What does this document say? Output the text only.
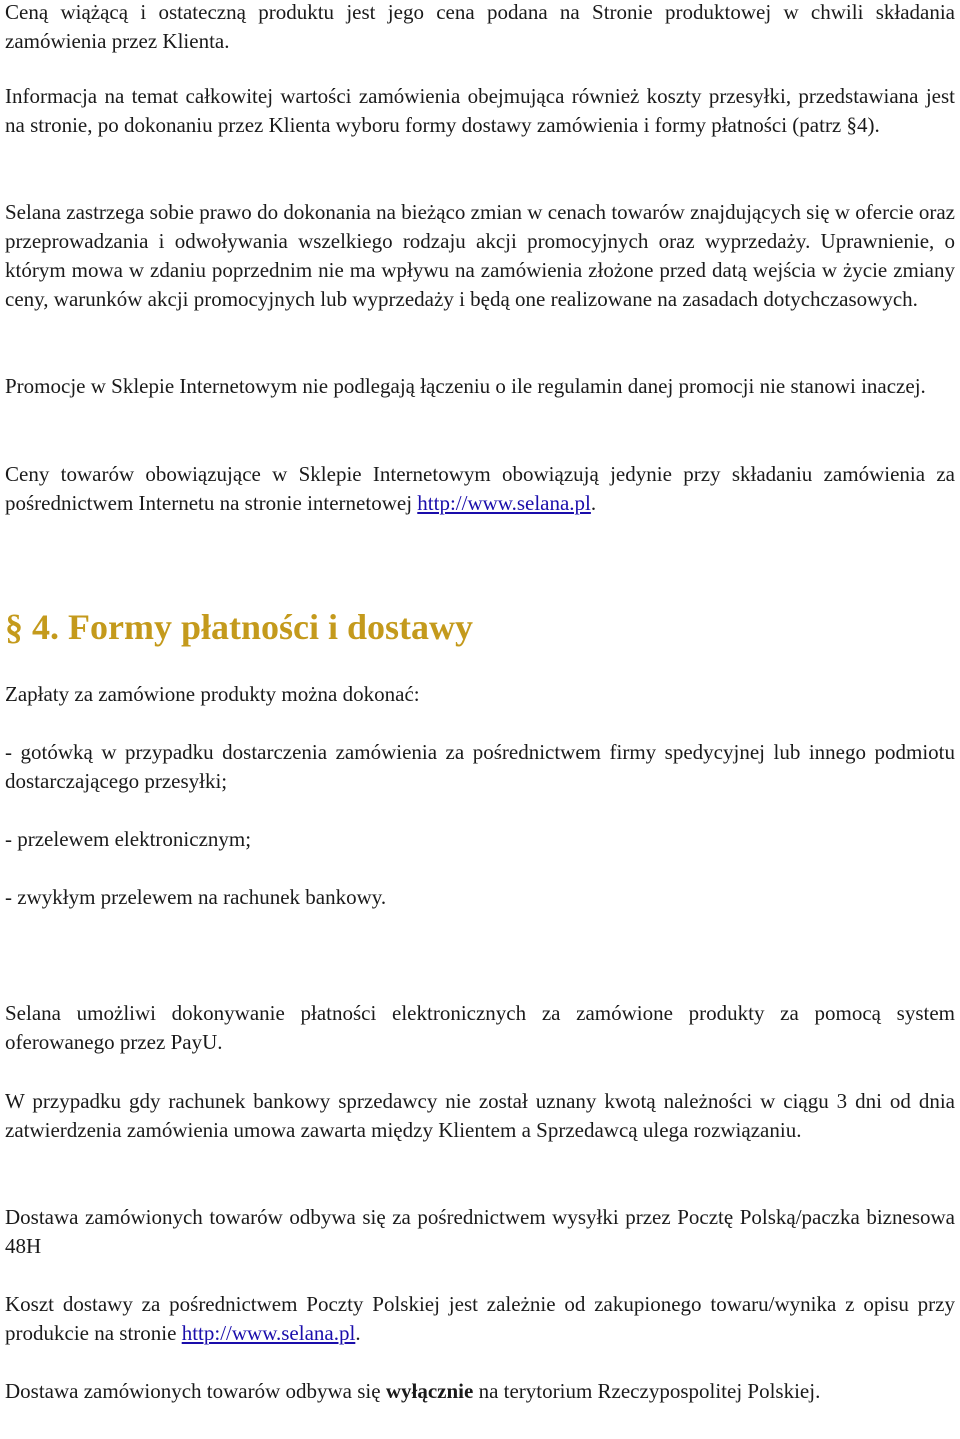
Ceną wiążącą i ostateczną produktu jest jego cena podana na Stronie produktowej w chwili składania zamówienia przez Klienta.

Informacja na temat całkowitej wartości zamówienia obejmująca również koszty przesyłki, przedstawiana jest na stronie, po dokonaniu przez Klienta wyboru formy dostawy zamówienia i formy płatności (patrz §4).

Selana zastrzega sobie prawo do dokonania na bieżąco zmian w cenach towarów znajdujących się w ofercie oraz przeprowadzania i odwoływania wszelkiego rodzaju akcji promocyjnych oraz wyprzedaży. Uprawnienie, o którym mowa w zdaniu poprzednim nie ma wpływu na zamówienia złożone przed datą wejścia w życie zmiany ceny, warunków akcji promocyjnych lub wyprzedaży i będą one realizowane na zasadach dotychczasowych.

Promocje w Sklepie Internetowym nie podlegają łączeniu o ile regulamin danej promocji nie stanowi inaczej.

Ceny towarów obowiązujące w Sklepie Internetowym obowiązują jedynie przy składaniu zamówienia za pośrednictwem Internetu na stronie internetowej http://www.selana.pl.

§ 4. Formy płatności i dostawy

Zapłaty za zamówione produkty można dokonać:

- gotówką w przypadku dostarczenia zamówienia za pośrednictwem firmy spedycyjnej lub innego podmiotu dostarczającego przesyłki;

- przelewem elektronicznym;

- zwykłym przelewem na rachunek bankowy.

Selana umożliwi dokonywanie płatności elektronicznych za zamówione produkty za pomocą system oferowanego przez PayU.

W przypadku gdy rachunek bankowy sprzedawcy nie został uznany kwotą należności w ciągu 3 dni od dnia zatwierdzenia zamówienia umowa zawarta między Klientem a Sprzedawcą ulega rozwiązaniu.

Dostawa zamówionych towarów odbywa się za pośrednictwem wysyłki przez Pocztę Polską/paczka biznesowa 48H

Koszt dostawy za pośrednictwem Poczty Polskiej jest zależnie od zakupionego towaru/wynika z opisu przy produkcie na stronie http://www.selana.pl.

Dostawa zamówionych towarów odbywa się wyłącznie na terytorium Rzeczypospolitej Polskiej.
